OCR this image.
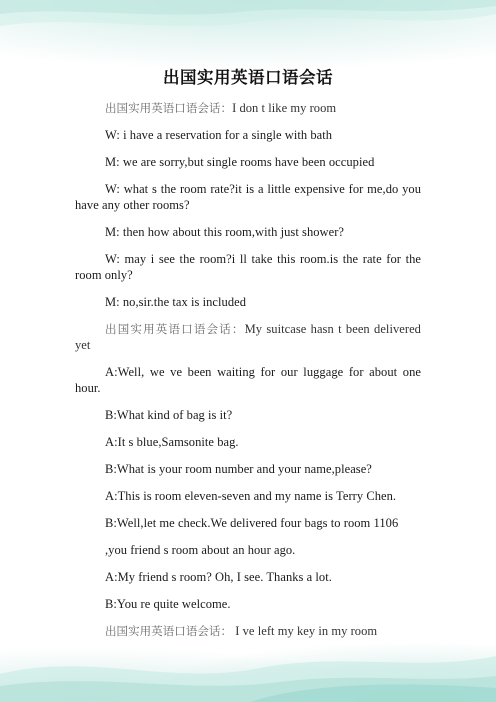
出国实用英语口语会话

出国实用英语口语会话：I don t like my room

W: i have a reservation for a single with bath

M: we are sorry,but single rooms have been occupied

W: what s the room rate?it is a little expensive for me,do you have any other rooms?

M: then how about this room,with just shower?

W: may i see the room?i ll take this room.is the rate for the room only?

M: no,sir.the tax is included

出国实用英语口语会话：My suitcase hasn t been delivered yet

A:Well, we ve been waiting for our luggage for about one hour.

B:What kind of bag is it?

A:It s blue,Samsonite bag.

B:What is your room number and your name,please?

A:This is room eleven-seven and my name is Terry Chen.

B:Well,let me check.We delivered four bags to room 1106

,you friend s room about an hour ago.

A:My friend s room? Oh, I see. Thanks a lot.

B:You re quite welcome.

出国实用英语口语会话： I ve left my key in my room
